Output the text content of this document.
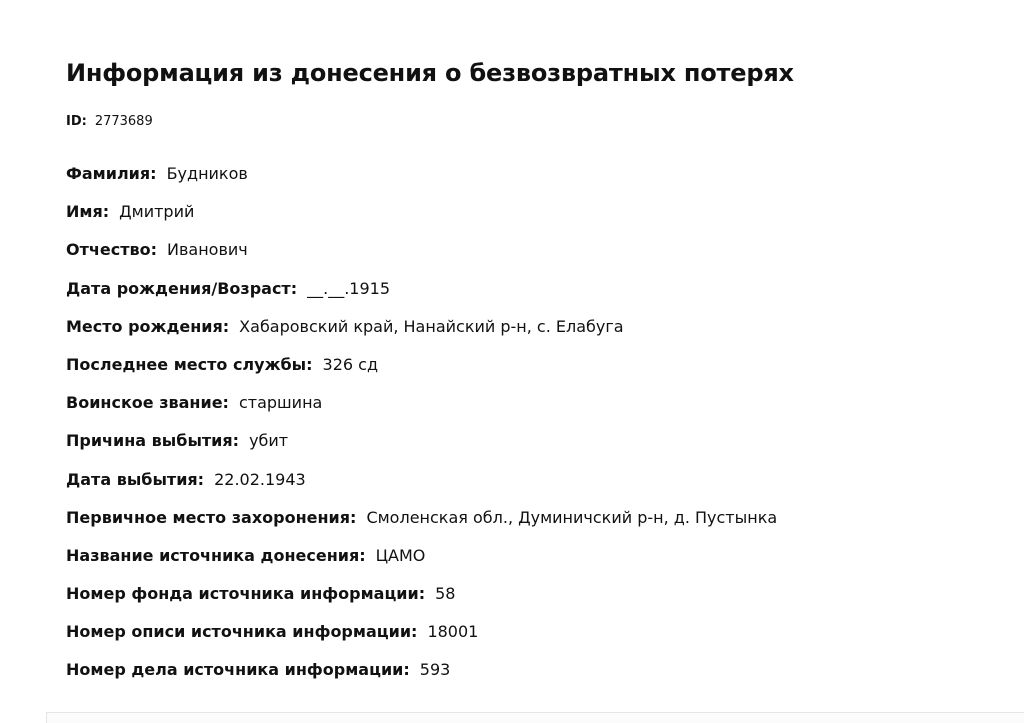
Информация из донесения о безвозвратных потерях
ID: 2773689
Фамилия: Будников
Имя: Дмитрий
Отчество: Иванович
Дата рождения/Возраст: __.__.1915
Место рождения: Хабаровский край, Нанайский р-н, с. Елабуга
Последнее место службы: 326 сд
Воинское звание: старшина
Причина выбытия: убит
Дата выбытия: 22.02.1943
Первичное место захоронения: Смоленская обл., Думиничский р-н, д. Пустынка
Название источника донесения: ЦАМО
Номер фонда источника информации: 58
Номер описи источника информации: 18001
Номер дела источника информации: 593
